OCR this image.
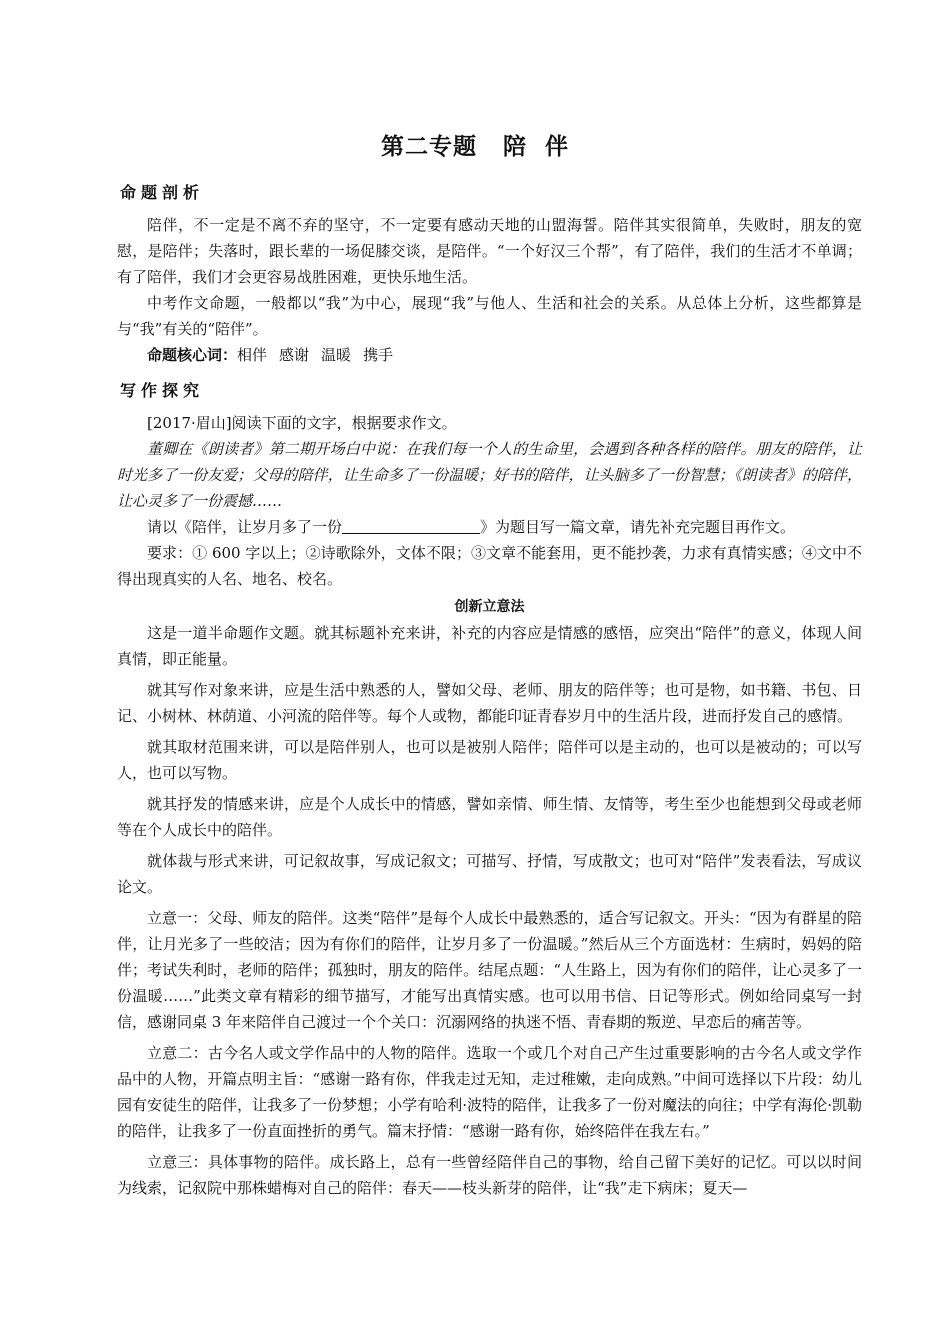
第二专题 陪  伴
命题剖析

陪伴，不一定是不离不弃的坚守，不一定要有感动天地的山盟海誓。陪伴其实很简单，失败时，朋友的宽慰，是陪伴；失落时，跟长辈的一场促膝交谈，是陪伴。“一个好汉三个帮”，有了陪伴，我们的生活才不单调；有了陪伴，我们才会更容易战胜困难，更快乐地生活。

中考作文命题，一般都以“我”为中心，展现“我”与他人、生活和社会的关系。从总体上分析，这些都算是与“我”有关的“陪伴”。

命题核心词：相伴 感谢 温暖 携手

写作探究

[2017·眉山]阅读下面的文字，根据要求作文。

董卿在《朗读者》第二期开场白中说：在我们每一个人的生命里，会遇到各种各样的陪伴。朋友的陪伴，让时光多了一份友爱；父母的陪伴，让生命多了一份温暖；好书的陪伴，让头脑多了一份智慧；《朗读者》的陪伴，让心灵多了一份震撼……

请以《陪伴，让岁月多了一份	》为题目写一篇文章，请先补充完题目再作文。

要求：① 600 字以上；②诗歌除外，文体不限；③文章不能套用，更不能抄袭，力求有真情实感；④文中不得出现真实的人名、地名、校名。

创新立意法

这是一道半命题作文题。就其标题补充来讲，补充的内容应是情感的感悟，应突出“陪伴”的意义，体现人间真情，即正能量。

就其写作对象来讲，应是生活中熟悉的人，譬如父母、老师、朋友的陪伴等；也可是物，如书籍、书包、日记、小树林、林荫道、小河流的陪伴等。每个人或物，都能印证青春岁月中的生活片段，进而抒发自己的感情。

就其取材范围来讲，可以是陪伴别人，也可以是被别人陪伴；陪伴可以是主动的，也可以是被动的；可以写人，也可以写物。

就其抒发的情感来讲，应是个人成长中的情感，譬如亲情、师生情、友情等，考生至少也能想到父母或老师等在个人成长中的陪伴。

就体裁与形式来讲，可记叙故事，写成记叙文；可描写、抒情，写成散文；也可对“陪伴”发表看法，写成议论文。

立意一：父母、师友的陪伴。这类“陪伴”是每个人成长中最熟悉的，适合写记叙文。开头：“因为有群星的陪伴，让月光多了一些皎洁；因为有你们的陪伴，让岁月多了一份温暖。”然后从三个方面选材：生病时，妈妈的陪伴；考试失利时，老师的陪伴；孤独时，朋友的陪伴。结尾点题：“人生路上，因为有你们的陪伴，让心灵多了一份温暖……”此类文章有精彩的细节描写，才能写出真情实感。也可以用书信、日记等形式。例如给同桌写一封信，感谢同桌 3 年来陪伴自己渡过一个个关口：沉溺网络的执迷不悟、青春期的叛逆、早恋后的痛苦等。

立意二：古今名人或文学作品中的人物的陪伴。选取一个或几个对自己产生过重要影响的古今名人或文学作品中的人物，开篇点明主旨：“感谢一路有你，伴我走过无知，走过稚嫩，走向成熟。”中间可选择以下片段：幼儿园有安徒生的陪伴，让我多了一份梦想；小学有哈利·波特的陪伴，让我多了一份对魔法的向往；中学有海伦·凯勒的陪伴，让我多了一份直面挫折的勇气。篇末抒情：“感谢一路有你，始终陪伴在我左右。”

立意三：具体事物的陪伴。成长路上，总有一些曾经陪伴自己的事物，给自己留下美好的记忆。可以以时间为线索，记叙院中那株蜡梅对自己的陪伴：春天——枝头新芽的陪伴，让“我”走下病床；夏天—
